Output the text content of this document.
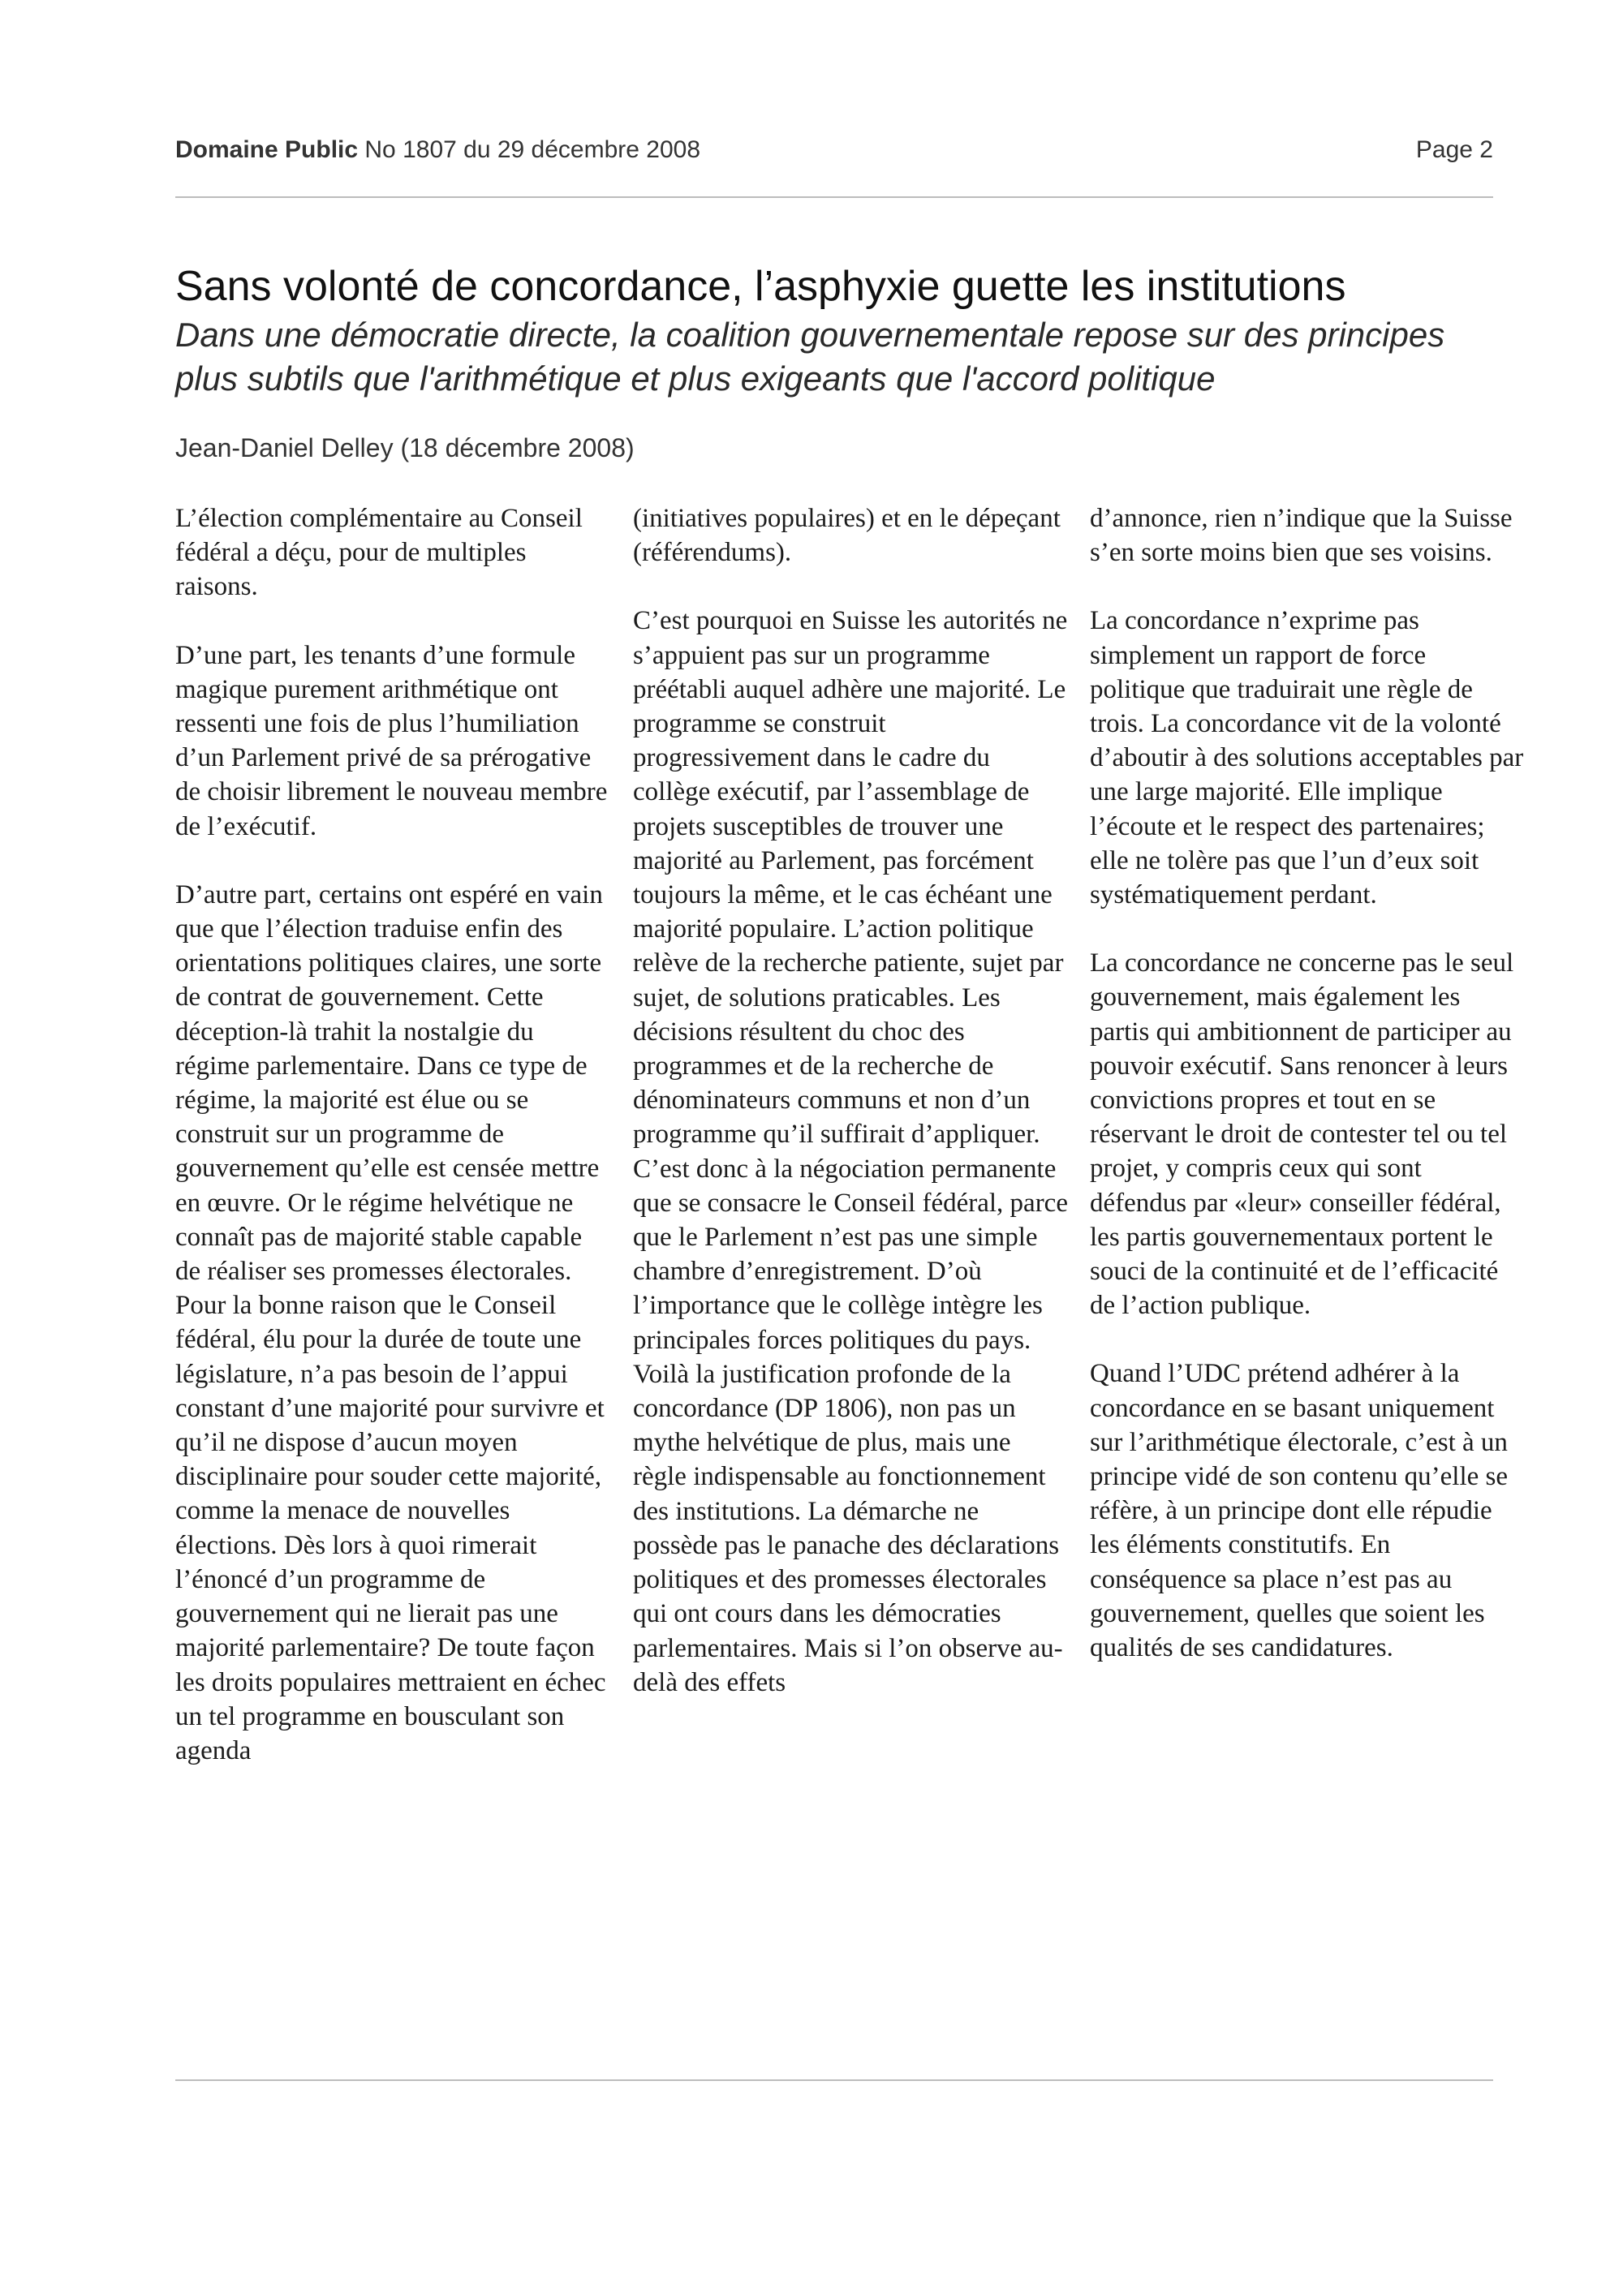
Domaine Public No 1807 du 29 décembre 2008	Page 2
Sans volonté de concordance, l’asphyxie guette les institutions

Dans une démocratie directe, la coalition gouvernementale repose sur des principes plus subtils que l'arithmétique et plus exigeants que l'accord politique

Jean-Daniel Delley (18 décembre 2008)

L’élection complémentaire au Conseil fédéral a déçu, pour de multiples raisons.

D’une part, les tenants d’une formule magique purement arithmétique ont ressenti une fois de plus l’humiliation d’un Parlement privé de sa prérogative de choisir librement le nouveau membre de l’exécutif.

D’autre part, certains ont espéré en vain que que l’élection traduise enfin des orientations politiques claires, une sorte de contrat de gouvernement. Cette déception-là trahit la nostalgie du régime parlementaire. Dans ce type de régime, la majorité est élue ou se construit sur un programme de gouvernement qu’elle est censée mettre en œuvre. Or le régime helvétique ne connaît pas de majorité stable capable de réaliser ses promesses électorales. Pour la bonne raison que le Conseil fédéral, élu pour la durée de toute une législature, n’a pas besoin de l’appui constant d’une majorité pour survivre et qu’il ne dispose d’aucun moyen disciplinaire pour souder cette majorité, comme la menace de nouvelles élections. Dès lors à quoi rimerait l’énoncé d’un programme de gouvernement qui ne lierait pas une majorité parlementaire? De toute façon les droits populaires mettraient en échec un tel programme en bousculant son agenda

(initiatives populaires) et en le dépeçant (référendums).

C’est pourquoi en Suisse les autorités ne s’appuient pas sur un programme préétabli auquel adhère une majorité. Le programme se construit progressivement dans le cadre du collège exécutif, par l’assemblage de projets susceptibles de trouver une majorité au Parlement, pas forcément toujours la même, et le cas échéant une majorité populaire. L’action politique relève de la recherche patiente, sujet par sujet, de solutions praticables. Les décisions résultent du choc des programmes et de la recherche de dénominateurs communs et non d’un programme qu’il suffirait d’appliquer. C’est donc à la négociation permanente que se consacre le Conseil fédéral, parce que le Parlement n’est pas une simple chambre d’enregistrement. D’où l’importance que le collège intègre les principales forces politiques du pays. Voilà la justification profonde de la concordance (DP 1806), non pas un mythe helvétique de plus, mais une règle indispensable au fonctionnement des institutions. La démarche ne possède pas le panache des déclarations politiques et des promesses électorales qui ont cours dans les démocraties parlementaires. Mais si l’on observe au-delà des effets

d’annonce, rien n’indique que la Suisse s’en sorte moins bien que ses voisins.

La concordance n’exprime pas simplement un rapport de force politique que traduirait une règle de trois. La concordance vit de la volonté d’aboutir à des solutions acceptables par une large majorité. Elle implique l’écoute et le respect des partenaires; elle ne tolère pas que l’un d’eux soit systématiquement perdant.

La concordance ne concerne pas le seul gouvernement, mais également les partis qui ambitionnent de participer au pouvoir exécutif. Sans renoncer à leurs convictions propres et tout en se réservant le droit de contester tel ou tel projet, y compris ceux qui sont défendus par «leur» conseiller fédéral, les partis gouvernementaux portent le souci de la continuité et de l’efficacité de l’action publique.

Quand l’UDC prétend adhérer à la concordance en se basant uniquement sur l’arithmétique électorale, c’est à un principe vidé de son contenu qu’elle se réfère, à un principe dont elle répudie les éléments constitutifs. En conséquence sa place n’est pas au gouvernement, quelles que soient les qualités de ses candidatures.
